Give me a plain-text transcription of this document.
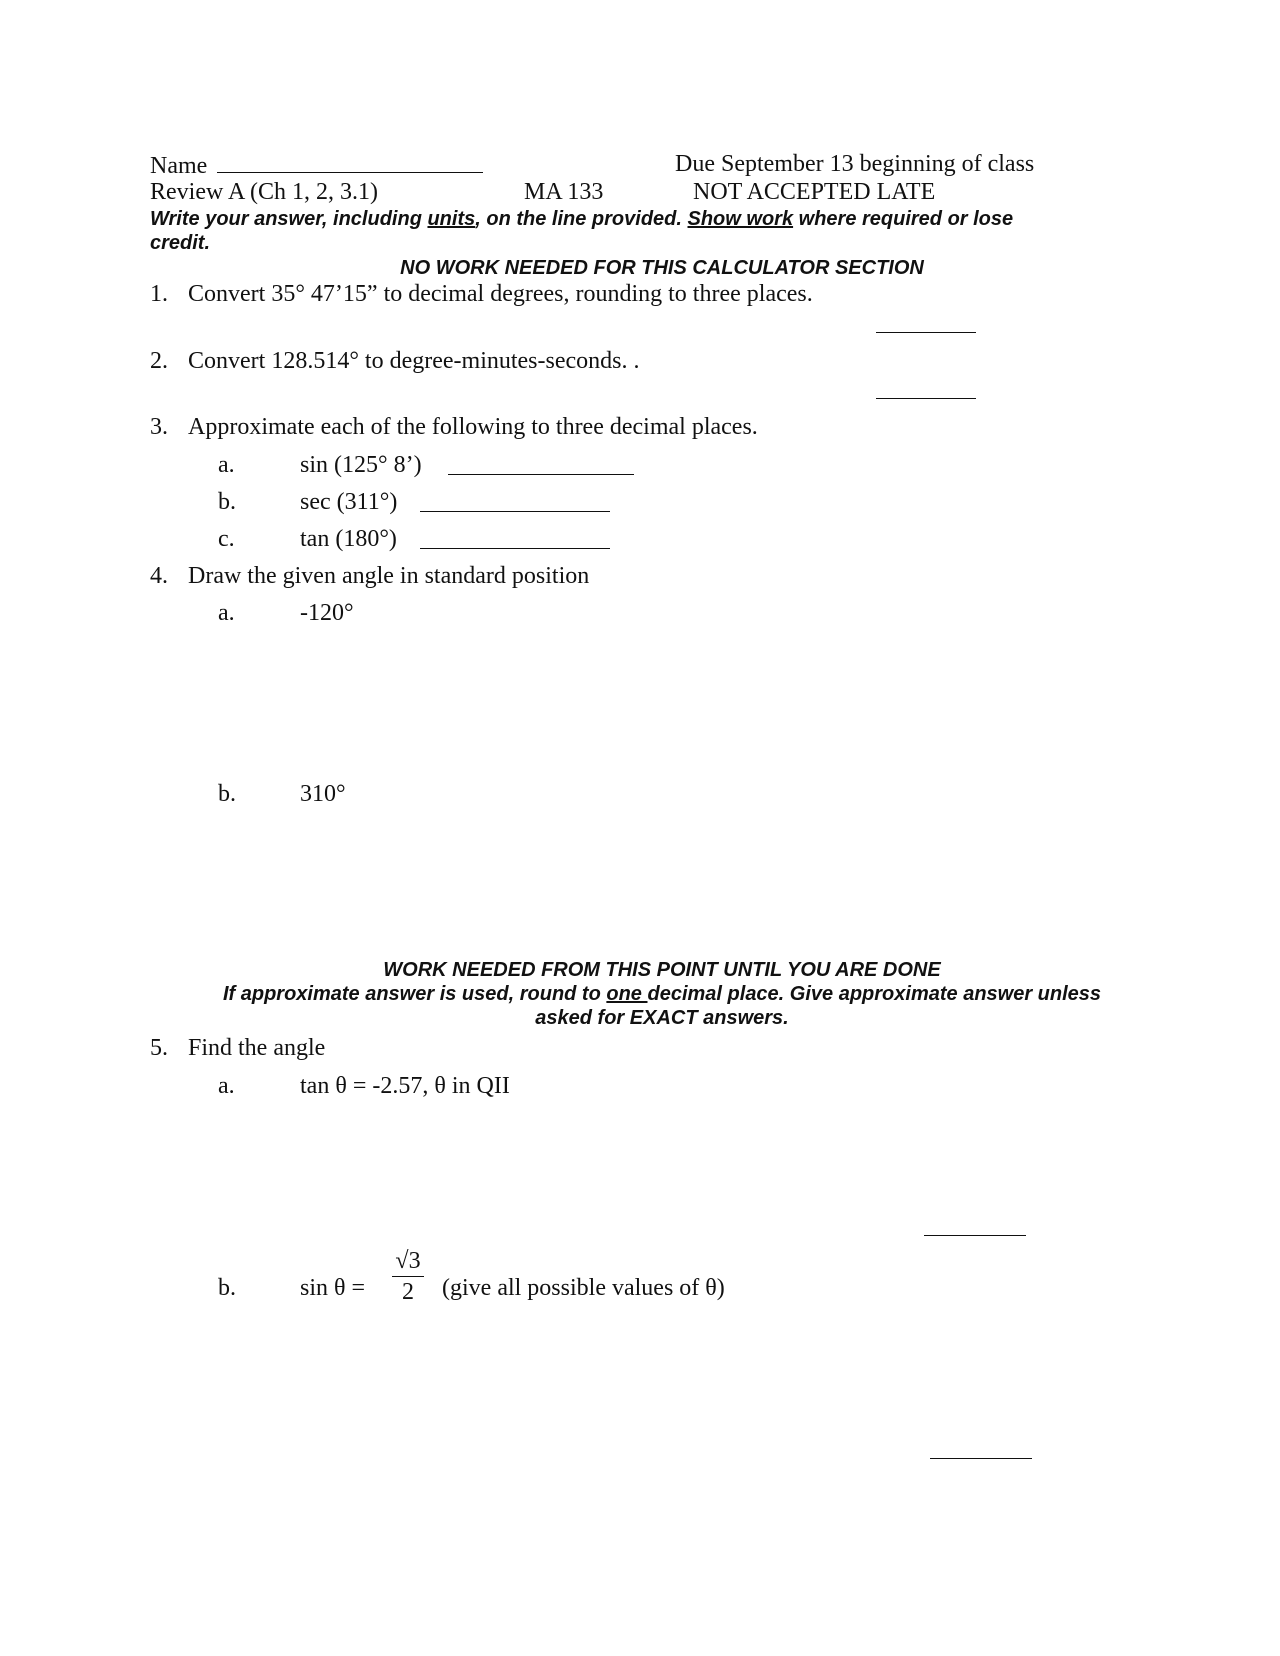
Name	Due September 13 beginning of class
Review A (Ch 1, 2, 3.1)	MA 133	NOT ACCEPTED LATE
Write your answer, including units, on the line provided. Show work where required or lose
credit.
NO WORK NEEDED FOR THIS CALCULATOR SECTION
1. Convert 35° 47’15” to decimal degrees, rounding to three places.
2. Convert 128.514° to degree-minutes-seconds. .
3. Approximate each of the following to three decimal places.
a.	sin (125° 8’)
b.	sec (311°)
c.	tan (180°)
4. Draw the given angle in standard position
a.	-120°
b.	310°
WORK NEEDED FROM THIS POINT UNTIL YOU ARE DONE
If approximate answer is used, round to one decimal place. Give approximate answer unless
asked for EXACT answers.
5. Find the angle
a.	tan θ = -2.57, θ in QII
b.	sin θ =
√3
2	(give all possible values of θ)
